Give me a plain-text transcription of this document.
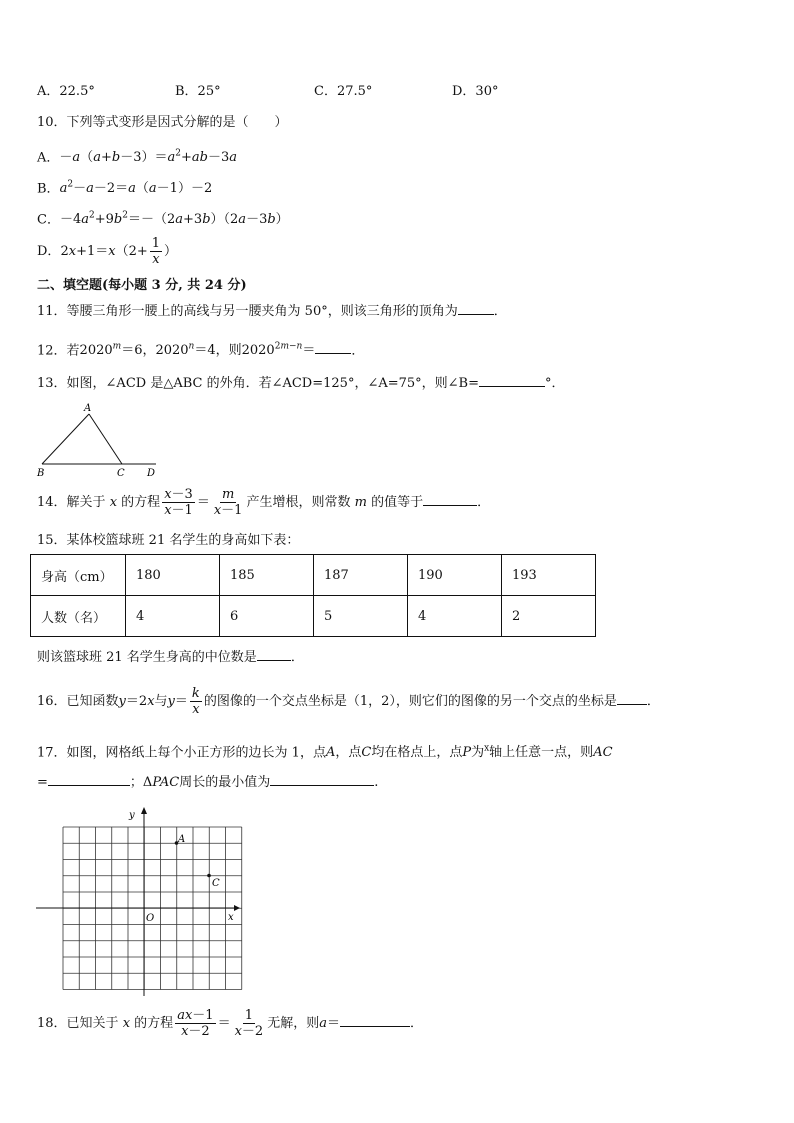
A．22.5°	B．25°	C．27.5°	D．30°
10．下列等式变形是因式分解的是（　　）
A．$-a(a+b-3)=a^2+ab-3a$
B．$a^2-a-2=a(a-1)-2$
C．$-4a^2+9b^2=-(2a+3b)(2a-3b)$
D．$2x+1=x(2+ \frac{1}{x}$ ）
二、填空题(每小题 3 分, 共 24 分)
11．等腰三角形一腰上的高线与另一腰夹角为 50°，则该三角形的顶角为	．
12．若$2020^m=6$，$2020^n=4$，则$2020^{2m-n}=$	．
13．如图，∠ACD 是△ABC 的外角．若∠ACD=125°，∠A=75°，则∠B=	°．
A
B	C D
14．解关于 x 的方程 $\frac{x-3}{x-1} = \frac{m}{x-1}$ 产生增根，则常数 m 的值等于	．
15．某体校篮球班 21 名学生的身高如下表：
身高（cm）	180	185	187	190	193
人数（名）	4	6	5	4	2
则该篮球班 21 名学生身高的中位数是	．
16．已知函数y＝2x与$y= \frac{k}{x}$ 的图像的一个交点坐标是（1，2），则它们的图像的另一个交点的坐标是 ．
17．如图，网格纸上每个小正方形的边长为 1，点A，点C均在格点上，点P为$^x$轴上任意一点，则AC
=	；ΔPAC周长的最小值为	.
x
y
O
A
C
18．已知关于 x 的方程 $\frac{ax-1}{x-2} = \frac{1}{x-2}$ 无解，则a＝	．
